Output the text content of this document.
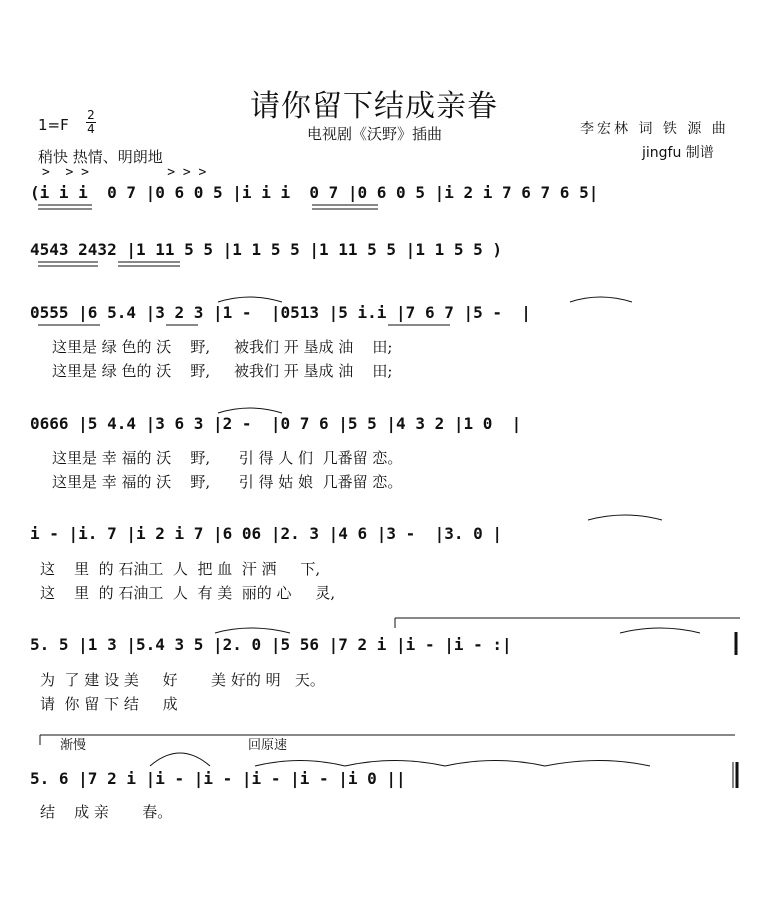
请你留下结成亲眷
电视剧《沃野》插曲
1=F
2
4
稍快 热情、明朗地
李宏林 词 铁 源 曲
jingfu 制谱
>  > >          > > >
(i i i  0 7 |0 6 0 5 |i i i  0 7 |0 6 0 5 |i 2 i 7 6 7 6 5|
4543 2432 |1 11 5 5 |1 1 5 5 |1 11 5 5 |1 1 5 5 )
0555 |6 5.4 |3 2 3 |1 -  |0513 |5 i.i |7 6 7 |5 -  |
这里是 绿 色的 沃    野,     被我们 开 垦成 油    田;
这里是 绿 色的 沃    野,     被我们 开 垦成 油    田;
0666 |5 4.4 |3 6 3 |2 -  |0 7 6 |5 5 |4 3 2 |1 0  |
这里是 幸 福的 沃    野,      引 得 人 们  几番留 恋。
这里是 幸 福的 沃    野,      引 得 姑 娘  几番留 恋。
i - |i. 7 |i 2 i 7 |6 06 |2. 3 |4 6 |3 -  |3. 0 |
这    里  的 石油工  人  把 血  汗 洒     下,
这    里  的 石油工  人  有 美  丽的 心     灵,
5. 5 |1 3 |5.4 3 5 |2. 0 |5 56 |7 2 i |i - |i - :|
为  了 建 设 美     好       美 好的 明   天。
请  你 留 下 结     成
渐慢	回原速
5. 6 |7 2 i |i - |i - |i - |i - |i 0 ||
结    成 亲       春。
